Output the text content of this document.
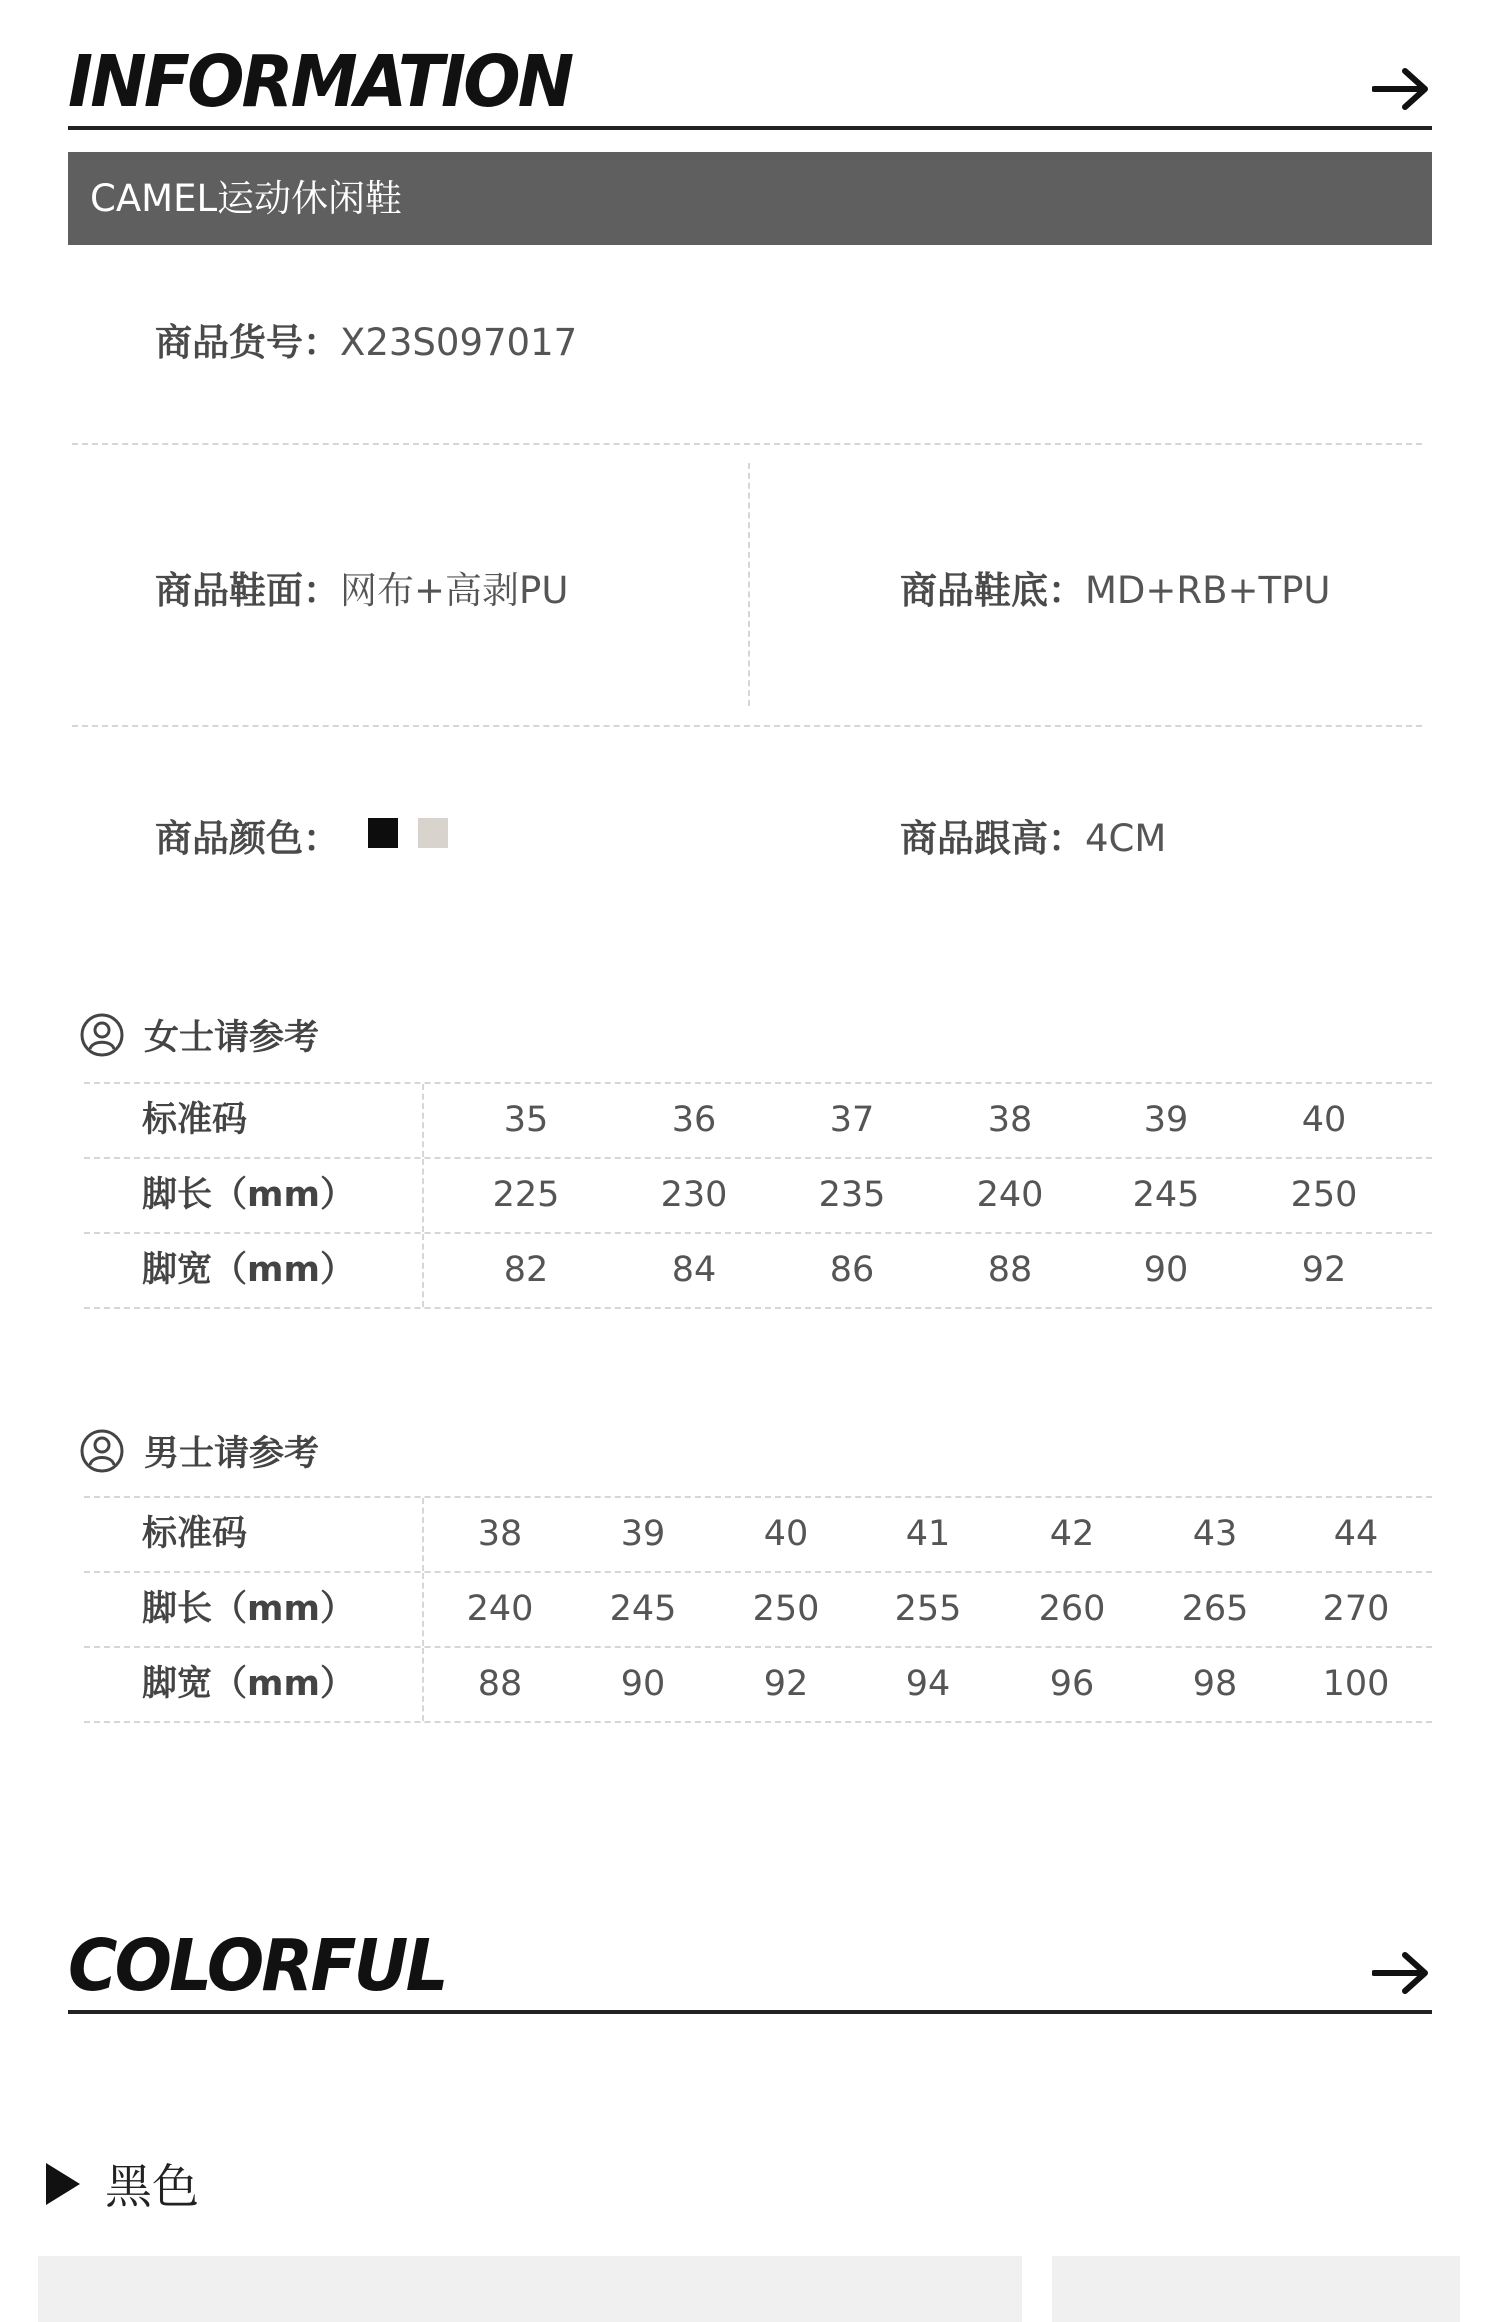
INFORMATION
CAMEL运动休闲鞋
商品货号：X23S097017
商品鞋面：网布+高剥PU	商品鞋底：MD+RB+TPU
商品颜色：	商品跟高：4CM
女士请参考
标准码	35	36	37	38	39	40
脚长（mm）	225	230	235	240	245	250
脚宽（mm）	82	84	86	88	90	92
男士请参考
标准码	38	39	40	41	42	43	44
脚长（mm）	240	245	250	255	260	265	270
脚宽（mm）	88	90	92	94	96	98	100
COLORFUL
黑色
